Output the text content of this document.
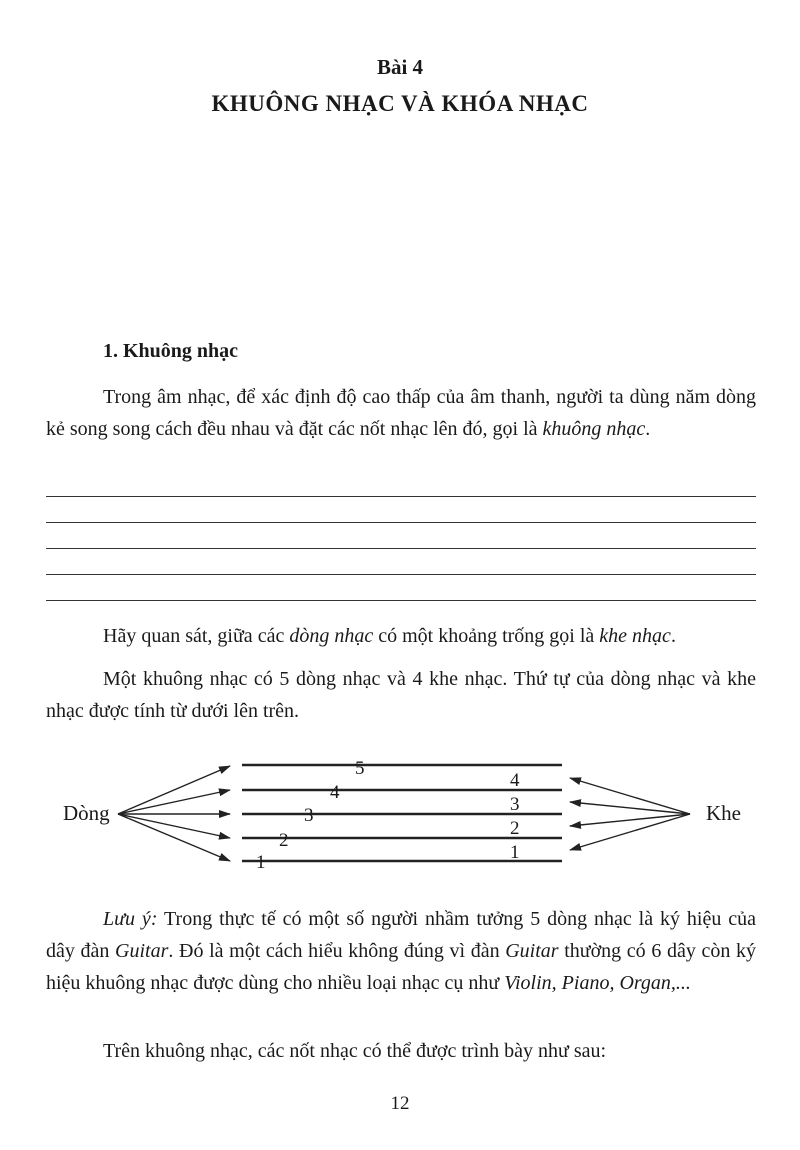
Bài 4
KHUÔNG NHẠC VÀ KHÓA NHẠC
1. Khuông nhạc
Trong âm nhạc, để xác định độ cao thấp của âm thanh, người ta dùng năm dòng kẻ song song cách đều nhau và đặt các nốt nhạc lên đó, gọi là khuông nhạc.
Hãy quan sát, giữa các dòng nhạc có một khoảng trống gọi là khe nhạc.
Một khuông nhạc có 5 dòng nhạc và 4 khe nhạc. Thứ tự của dòng nhạc và khe nhạc được tính từ dưới lên trên.
Dòng	Khe
1
2
3
4
5
1
2
3
4
Lưu ý: Trong thực tế có một số người nhầm tưởng 5 dòng nhạc là ký hiệu của dây đàn Guitar. Đó là một cách hiểu không đúng vì đàn Guitar thường có 6 dây còn ký hiệu khuông nhạc được dùng cho nhiều loại nhạc cụ như Violin, Piano, Organ,...
Trên khuông nhạc, các nốt nhạc có thể được trình bày như sau:
12
